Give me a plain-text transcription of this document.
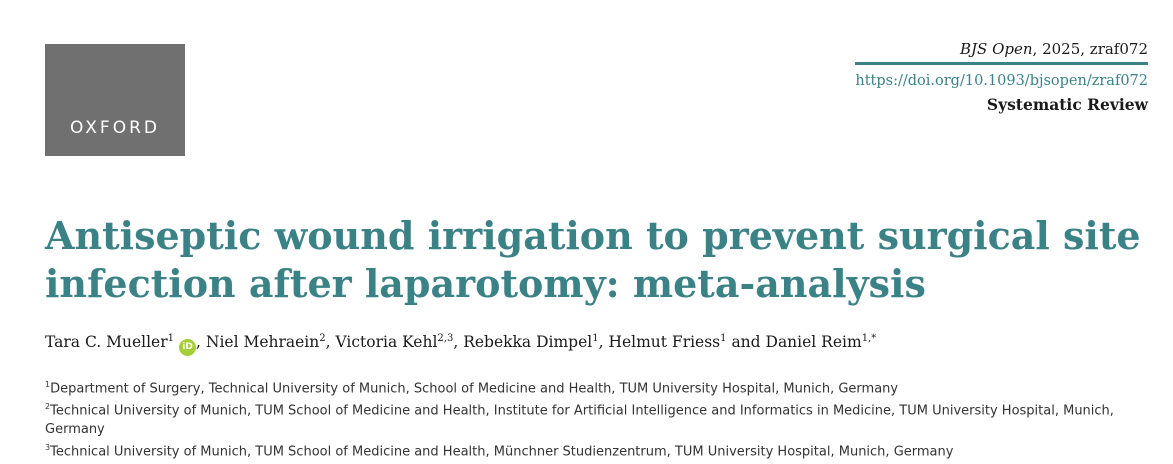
OXFORD
BJS Open, 2025, zraf072
https://doi.org/10.1093/bjsopen/zraf072
Systematic Review
Antiseptic wound irrigation to prevent surgical site infection after laparotomy: meta-analysis
Tara C. Mueller$^1$iD , Niel Mehraein$^2$, Victoria Kehl$^{2,3}$, Rebekka Dimpel$^1$, Helmut Friess$^1$ and Daniel Reim$^{1,*}$
$^1$Department of Surgery, Technical University of Munich, School of Medicine and Health, TUM University Hospital, Munich, Germany
$^2$Technical University of Munich, TUM School of Medicine and Health, Institute for Artificial Intelligence and Informatics in Medicine, TUM University Hospital, Munich, Germany
$^3$Technical University of Munich, TUM School of Medicine and Health, Münchner Studienzentrum, TUM University Hospital, Munich, Germany
